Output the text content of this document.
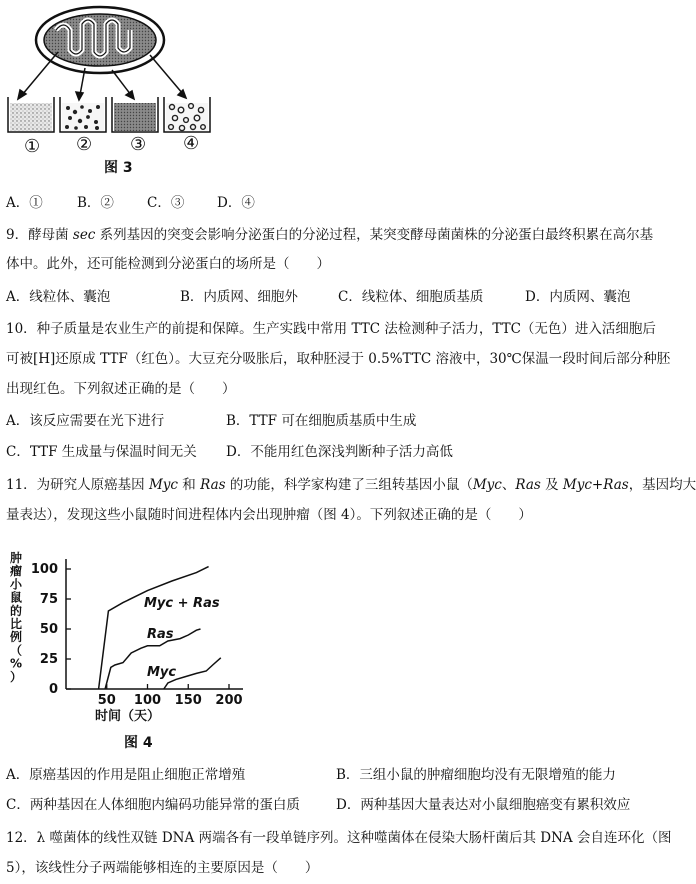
① ② ③ ④
图 3
A．①	B．② C．③ D．④
9．酵母菌 sec 系列基因的突变会影响分泌蛋白的分泌过程，某突变酵母菌菌株的分泌蛋白最终积累在高尔基
体中。此外，还可能检测到分泌蛋白的场所是（　　）
A．线粒体、囊泡	B．内质网、细胞外	C．线粒体、细胞质基质	D．内质网、囊泡
10．种子质量是农业生产的前提和保障。生产实践中常用 TTC 法检测种子活力，TTC（无色）进入活细胞后
可被[H]还原成 TTF（红色）。大豆充分吸胀后，取种胚浸于 0.5%TTC 溶液中，30℃保温一段时间后部分种胚
出现红色。下列叙述正确的是（　　）
A．该反应需要在光下进行	B．TTF 可在细胞质基质中生成
C．TTF 生成量与保温时间无关 D．不能用红色深浅判断种子活力高低
11．为研究人原癌基因 Myc 和 Ras 的功能，科学家构建了三组转基因小鼠（Myc、Ras 及 Myc+Ras，基因均大
量表达），发现这些小鼠随时间进程体内会出现肿瘤（图 4）。下列叙述正确的是（　　）
0
25
50
75
100
50 100 150 200
Myc + Ras
Ras
Myc
肿瘤小鼠的比例（%）
时间（天）
图 4
A．原癌基因的作用是阻止细胞正常增殖	B．三组小鼠的肿瘤细胞均没有无限增殖的能力
C．两种基因在人体细胞内编码功能异常的蛋白质	D．两种基因大量表达对小鼠细胞癌变有累积效应
12．λ 噬菌体的线性双链 DNA 两端各有一段单链序列。这种噬菌体在侵染大肠杆菌后其 DNA 会自连环化（图
5），该线性分子两端能够相连的主要原因是（　　）
